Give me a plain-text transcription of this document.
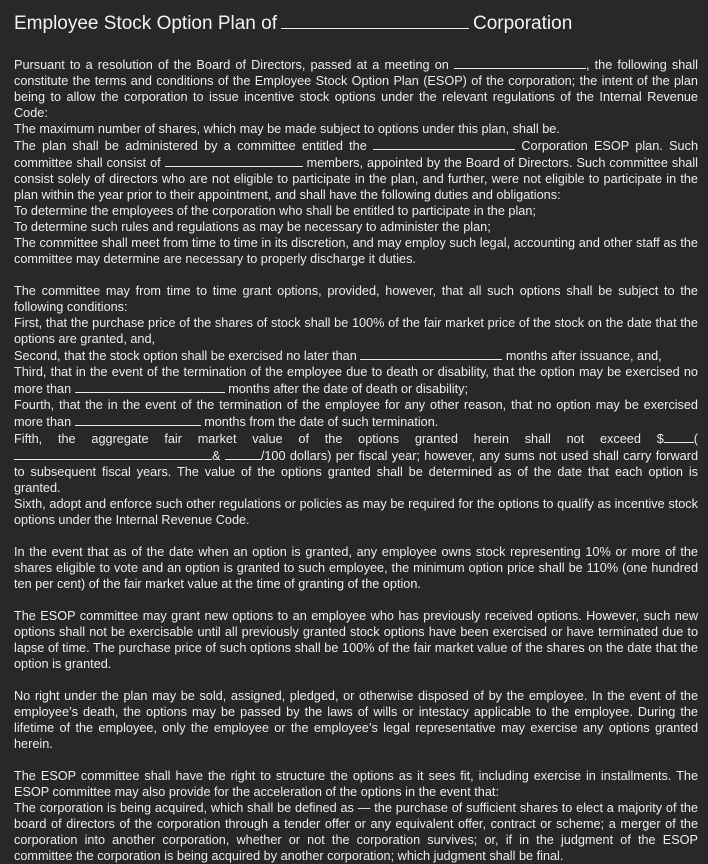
Employee Stock Option Plan of	Corporation

Pursuant to a resolution of the Board of Directors, passed at a meeting on	, the following shall constitute the terms and conditions of the Employee Stock Option Plan (ESOP) of the corporation; the intent of the plan being to allow the corporation to issue incentive stock options under the relevant regulations of the Internal Revenue Code:

The maximum number of shares, which may be made subject to options under this plan, shall be.

The plan shall be administered by a committee entitled the	Corporation ESOP plan. Such committee shall consist of	members, appointed by the Board of Directors. Such committee shall consist solely of directors who are not eligible to participate in the plan, and further, were not eligible to participate in the plan within the year prior to their appointment, and shall have the following duties and obligations:

To determine the employees of the corporation who shall be entitled to participate in the plan;

To determine such rules and regulations as may be necessary to administer the plan;

The committee shall meet from time to time in its discretion, and may employ such legal, accounting and other staff as the committee may determine are necessary to properly discharge it duties.

The committee may from time to time grant options, provided, however, that all such options shall be subject to the following conditions:

First, that the purchase price of the shares of stock shall be 100% of the fair market price of the stock on the date that the options are granted, and,

Second, that the stock option shall be exercised no later than	months after issuance, and,

Third, that in the event of the termination of the employee due to death or disability, that the option may be exercised no more than	months after the date of death or disability;

Fourth, that the in the event of the termination of the employee for any other reason, that no option may be exercised more than	months from the date of such termination.

Fifth, the aggregate fair market value of the options granted herein shall not exceed $ (&	/100 dollars) per fiscal year; however, any sums not used shall carry forward to subsequent fiscal years. The value of the options granted shall be determined as of the date that each option is granted.

Sixth, adopt and enforce such other regulations or policies as may be required for the options to qualify as incentive stock options under the Internal Revenue Code.

In the event that as of the date when an option is granted, any employee owns stock representing 10% or more of the shares eligible to vote and an option is granted to such employee, the minimum option price shall be 110% (one hundred ten per cent) of the fair market value at the time of granting of the option.

The ESOP committee may grant new options to an employee who has previously received options. However, such new options shall not be exercisable until all previously granted stock options have been exercised or have terminated due to lapse of time. The purchase price of such options shall be 100% of the fair market value of the shares on the date that the option is granted.

No right under the plan may be sold, assigned, pledged, or otherwise disposed of by the employee. In the event of the employee’s death, the options may be passed by the laws of wills or intestacy applicable to the employee. During the lifetime of the employee, only the employee or the employee’s legal representative may exercise any options granted herein.

The ESOP committee shall have the right to structure the options as it sees fit, including exercise in installments. The ESOP committee may also provide for the acceleration of the options in the event that:

The corporation is being acquired, which shall be defined as — the purchase of sufficient shares to elect a majority of the board of directors of the corporation through a tender offer or any equivalent offer, contract or scheme; a merger of the corporation into another corporation, whether or not the corporation survives; or, if in the judgment of the ESOP committee the corporation is being acquired by another corporation; which judgment shall be final.
